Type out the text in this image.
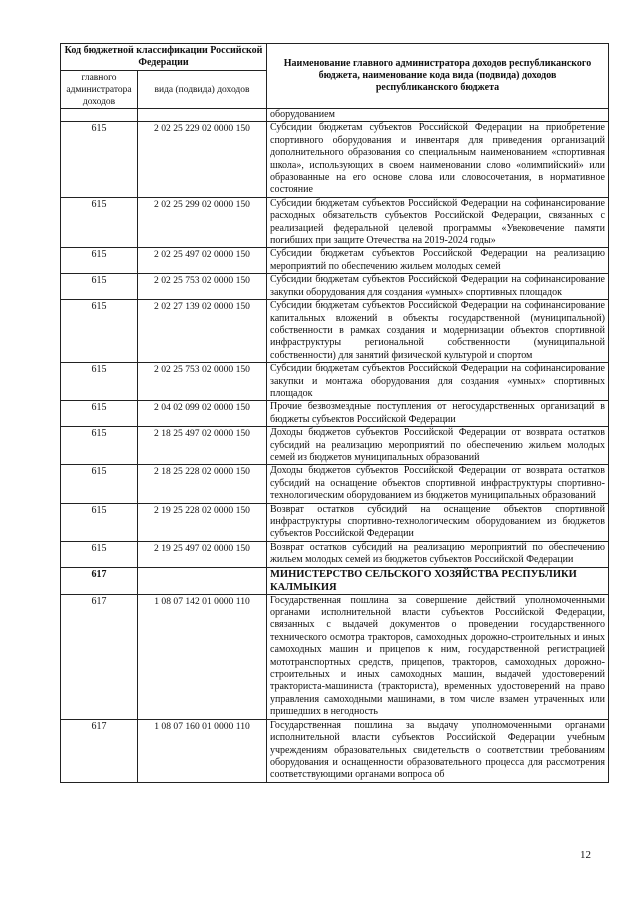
Код бюджетной классификации Российской Федерации		Наименование главного администратора доходов республиканского бюджета, наименование кода вида (подвида) доходов республиканского бюджета
главного администратора доходов	вида (подвида) доходов	
		оборудованием
615	2 02 25 229 02 0000 150	Субсидии бюджетам субъектов Российской Федерации на приобретение спортивного оборудования и инвентаря для приведения организаций дополнительного образования со специальным наименованием «спортивная школа», использующих в своем наименовании слово «олимпийский» или образованные на его основе слова или словосочетания, в нормативное состояние
615	2 02 25 299 02 0000 150	Субсидии бюджетам субъектов Российской Федерации на софинансирование расходных обязательств субъектов Российской Федерации, связанных с реализацией федеральной целевой программы «Увековечение памяти погибших при защите Отечества на 2019-2024 годы»
615	2 02 25 497 02 0000 150	Субсидии бюджетам субъектов Российской Федерации на реализацию мероприятий по обеспечению жильем молодых семей
615	2 02 25 753 02 0000 150	Субсидии бюджетам субъектов Российской Федерации на софинансирование закупки оборудования для создания «умных» спортивных площадок
615	2 02 27 139 02 0000 150	Субсидии бюджетам субъектов Российской Федерации на софинансирование капитальных вложений в объекты государственной (муниципальной) собственности в рамках создания и модернизации объектов спортивной инфраструктуры региональной собственности (муниципальной собственности) для занятий физической культурой и спортом
615	2 02 25 753 02 0000 150	Субсидии бюджетам субъектов Российской Федерации на софинансирование закупки и монтажа оборудования для создания «умных» спортивных площадок
615	2 04 02 099 02 0000 150	Прочие безвозмездные поступления от негосударственных организаций в бюджеты субъектов Российской Федерации
615	2 18 25 497 02 0000 150	Доходы бюджетов субъектов Российской Федерации от возврата остатков субсидий на реализацию мероприятий по обеспечению жильем молодых семей из бюджетов муниципальных образований
615	2 18 25 228 02 0000 150	Доходы бюджетов субъектов Российской Федерации от возврата остатков субсидий на оснащение объектов спортивной инфраструктуры спортивно-технологическим оборудованием из бюджетов муниципальных образований
615	2 19 25 228 02 0000 150	Возврат остатков субсидий на оснащение объектов спортивной инфраструктуры спортивно-технологическим оборудованием из бюджетов субъектов Российской Федерации
615	2 19 25 497 02 0000 150	Возврат остатков субсидий на реализацию мероприятий по обеспечению жильем молодых семей из бюджетов субъектов Российской Федерации
617		МИНИСТЕРСТВО СЕЛЬСКОГО ХОЗЯЙСТВА РЕСПУБЛИКИ КАЛМЫКИЯ
617	1 08 07 142 01 0000 110	Государственная пошлина за совершение действий уполномоченными органами исполнительной власти субъектов Российской Федерации, связанных с выдачей документов о проведении государственного технического осмотра тракторов, самоходных дорожно-строительных и иных самоходных машин и прицепов к ним, государственной регистрацией мототранспортных средств, прицепов, тракторов, самоходных дорожно-строительных и иных самоходных машин, выдачей удостоверений тракториста-машиниста (тракториста), временных удостоверений на право управления самоходными машинами, в том числе взамен утраченных или пришедших в негодность
617	1 08 07 160 01 0000 110	Государственная пошлина за выдачу уполномоченными органами исполнительной власти субъектов Российской Федерации учебным учреждениям образовательных свидетельств о соответствии требованиям оборудования и оснащенности образовательного процесса для рассмотрения соответствующими органами вопроса об
12
